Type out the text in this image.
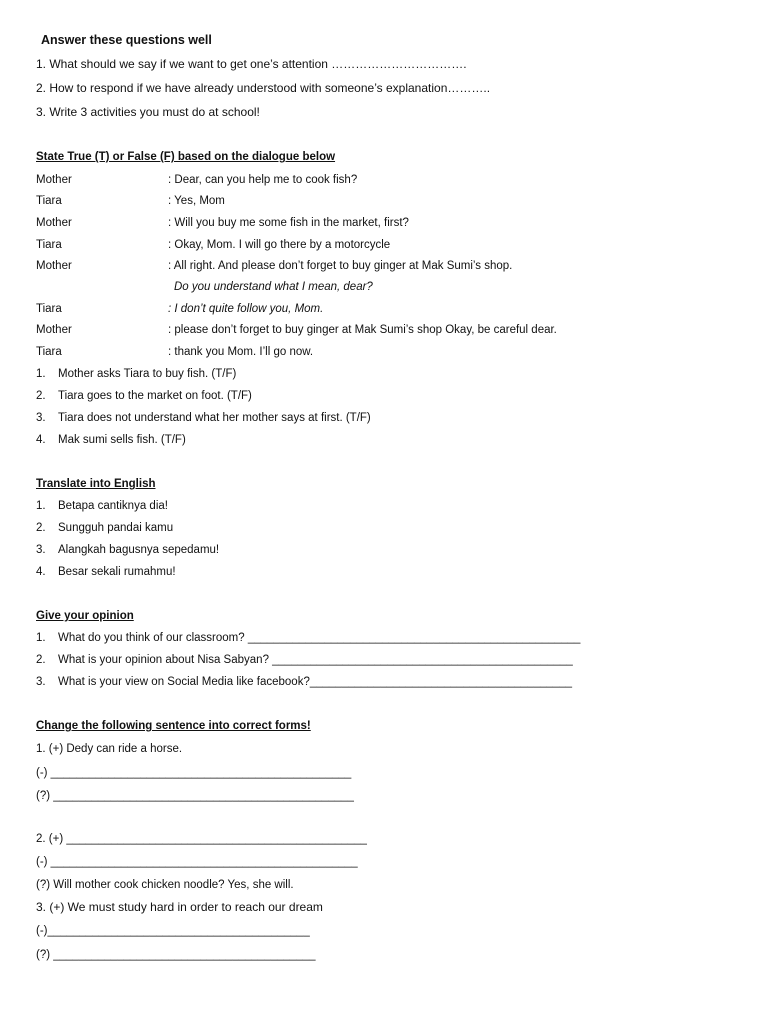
Answer these questions well
1. What should we say if we want to get one’s attention …………………………….
2. How to respond if we have already understood with someone’s explanation………..
3. Write 3 activities you must do at school!
State True (T) or False (F) based on the dialogue below
Mother	: Dear, can you help me to cook fish?
Tiara	: Yes, Mom
Mother	: Will you buy me some fish in the market, first?
Tiara	: Okay, Mom. I will go there by a motorcycle
Mother	: All right. And please don’t forget to buy ginger at Mak Sumi’s shop.
Do you understand what I mean, dear?
Tiara	: I don’t quite follow you, Mom.
Mother	: please don’t forget to buy ginger at Mak Sumi’s shop Okay, be careful dear.
Tiara	: thank you Mom. I’ll go now.
1. Mother asks Tiara to buy fish. (T/F)
2. Tiara goes to the market on foot. (T/F)
3. Tiara does not understand what her mother says at first. (T/F)
4. Mak sumi sells fish. (T/F)
Translate into English
1. Betapa cantiknya dia!
2. Sungguh pandai kamu
3. Alangkah bagusnya sepedamu!
4. Besar sekali rumahmu!
Give your opinion
1. What do you think of our classroom? ____________________________________________________
2. What is your opinion about Nisa Sabyan? _______________________________________________
3. What is your view on Social Media like facebook?_________________________________________
Change the following sentence into correct forms!
1. (+) Dedy can ride a horse.
(-) _______________________________________________
(?) _______________________________________________
2. (+) _______________________________________________
(-) ________________________________________________
(?) Will mother cook chicken noodle? Yes, she will.
3. (+) We must study hard in order to reach our dream
(-)_________________________________________
(?) _________________________________________
